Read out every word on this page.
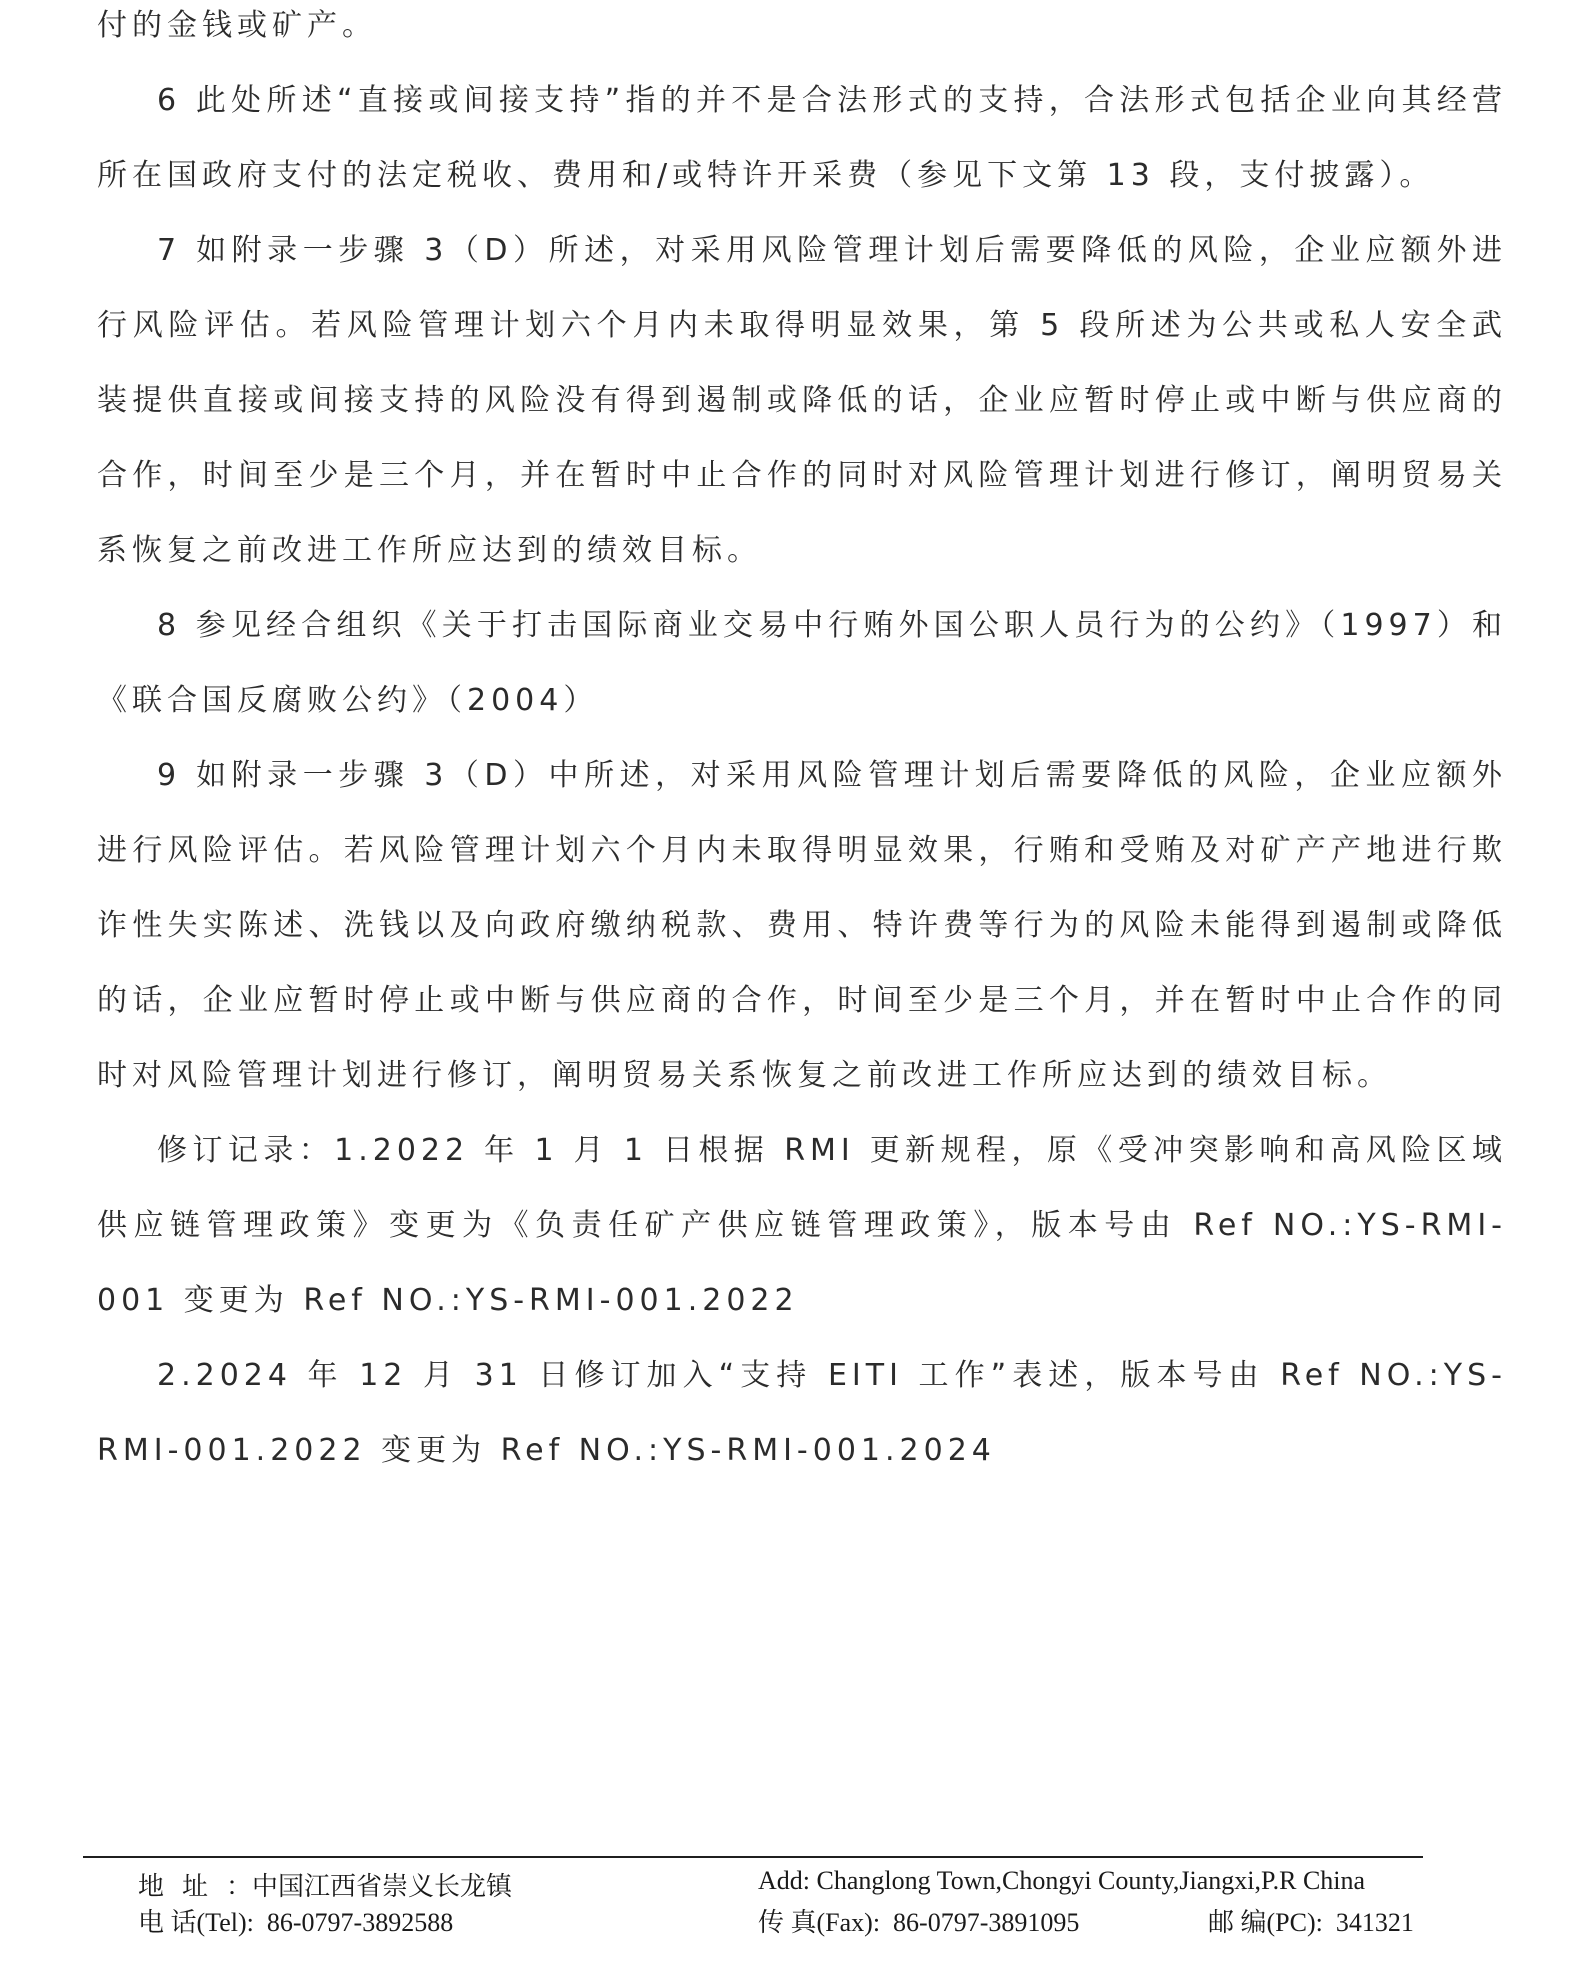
付的金钱或矿产。

6 此处所述“直接或间接支持”指的并不是合法形式的支持，合法形式包括企业向其经营所在国政府支付的法定税收、费用和/或特许开采费（参见下文第 13 段，支付披露）。

7 如附录一步骤 3（D）所述，对采用风险管理计划后需要降低的风险，企业应额外进行风险评估。若风险管理计划六个月内未取得明显效果，第 5 段所述为公共或私人安全武装提供直接或间接支持的风险没有得到遏制或降低的话，企业应暂时停止或中断与供应商的合作，时间至少是三个月，并在暂时中止合作的同时对风险管理计划进行修订，阐明贸易关系恢复之前改进工作所应达到的绩效目标。

8 参见经合组织《关于打击国际商业交易中行贿外国公职人员行为的公约》（1997）和《联合国反腐败公约》（2004）

9 如附录一步骤 3（D）中所述，对采用风险管理计划后需要降低的风险，企业应额外进行风险评估。若风险管理计划六个月内未取得明显效果，行贿和受贿及对矿产产地进行欺诈性失实陈述、洗钱以及向政府缴纳税款、费用、特许费等行为的风险未能得到遏制或降低的话，企业应暂时停止或中断与供应商的合作，时间至少是三个月，并在暂时中止合作的同时对风险管理计划进行修订，阐明贸易关系恢复之前改进工作所应达到的绩效目标。

修订记录：1.2022 年 1 月 1 日根据 RMI 更新规程，原《受冲突影响和高风险区域供应链管理政策》变更为《负责任矿产供应链管理政策》，版本号由 Ref NO.:YS-RMI-001 变更为 Ref NO.:YS-RMI-001.2022

2.2024 年 12 月 31 日修订加入“支持 EITI 工作”表述，版本号由 Ref NO.:YS-RMI-001.2022 变更为 Ref NO.:YS-RMI-001.2024

地址：中国江西省崇义长龙镇	Add: Changlong Town,Chongyi County,Jiangxi,P.R China
电 话(Tel): 86-0797-3892588	传 真(Fax): 86-0797-3891095	邮 编(PC): 341321
